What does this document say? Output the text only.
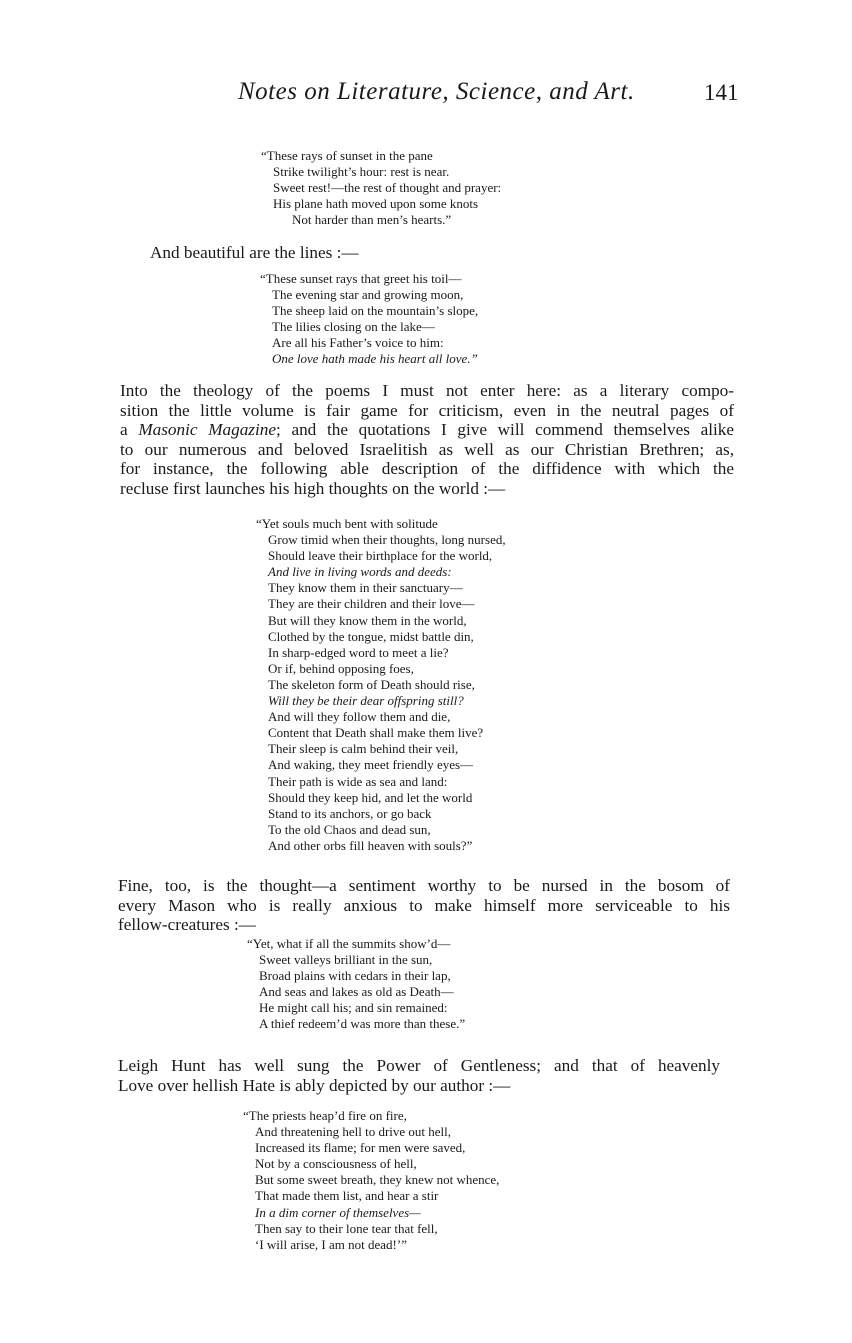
Notes on Literature, Science, and Art.	141
“These rays of sunset in the pane
Strike twilight’s hour: rest is near.
Sweet rest!—the rest of thought and prayer:
His plane hath moved upon some knots
Not harder than men’s hearts.”
And beautiful are the lines :—
“These sunset rays that greet his toil—
The evening star and growing moon,
The sheep laid on the mountain’s slope,
The lilies closing on the lake—
Are all his Father’s voice to him:
One love hath made his heart all love.”
Into the theology of the poems I must not enter here: as a literary compo-
sition the little volume is fair game for criticism, even in the neutral pages of
a Masonic Magazine; and the quotations I give will commend themselves alike
to our numerous and beloved Israelitish as well as our Christian Brethren; as,
for instance, the following able description of the diffidence with which the
recluse first launches his high thoughts on the world :—
“Yet souls much bent with solitude
Grow timid when their thoughts, long nursed,
Should leave their birthplace for the world,
And live in living words and deeds:
They know them in their sanctuary—
They are their children and their love—
But will they know them in the world,
Clothed by the tongue, midst battle din,
In sharp-edged word to meet a lie?
Or if, behind opposing foes,
The skeleton form of Death should rise,
Will they be their dear offspring still?
And will they follow them and die,
Content that Death shall make them live?
Their sleep is calm behind their veil,
And waking, they meet friendly eyes—
Their path is wide as sea and land:
Should they keep hid, and let the world
Stand to its anchors, or go back
To the old Chaos and dead sun,
And other orbs fill heaven with souls?”
Fine, too, is the thought—a sentiment worthy to be nursed in the bosom of
every Mason who is really anxious to make himself more serviceable to his
fellow-creatures :—
“Yet, what if all the summits show’d—
Sweet valleys brilliant in the sun,
Broad plains with cedars in their lap,
And seas and lakes as old as Death—
He might call his; and sin remained:
A thief redeem’d was more than these.”
Leigh Hunt has well sung the Power of Gentleness; and that of heavenly
Love over hellish Hate is ably depicted by our author :—
“The priests heap’d fire on fire,
And threatening hell to drive out hell,
Increased its flame; for men were saved,
Not by a consciousness of hell,
But some sweet breath, they knew not whence,
That made them list, and hear a stir
In a dim corner of themselves—
Then say to their lone tear that fell,
‘I will arise, I am not dead!’”
